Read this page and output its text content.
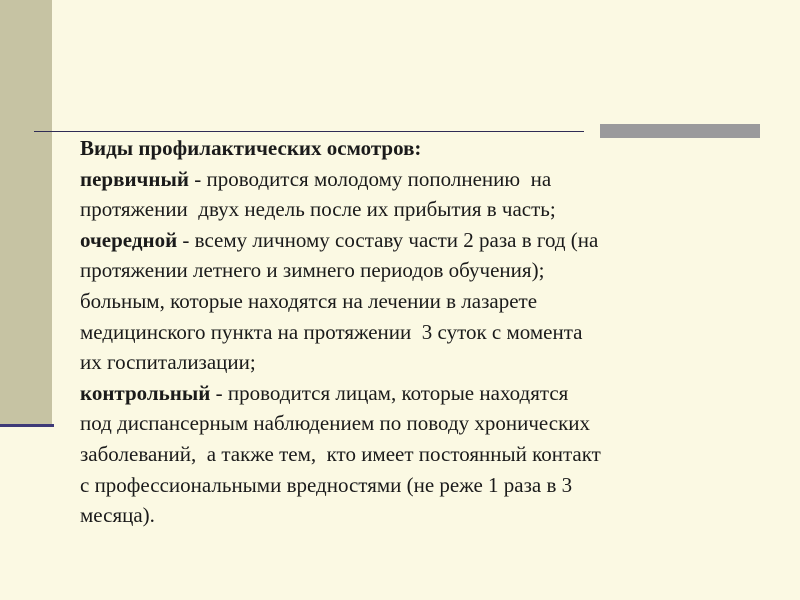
Виды профилактических осмотров:

первичный - проводится молодому пополнению  на

протяжении  двух недель после их прибытия в часть;

очередной - всему личному составу части 2 раза в год (на

протяжении летнего и зимнего периодов обучения);

больным, которые находятся на лечении в лазарете

медицинского пункта на протяжении  3 суток с момента

их госпитализации;

контрольный - проводится лицам, которые находятся

под диспансерным наблюдением по поводу хронических

заболеваний,  а также тем,  кто имеет постоянный контакт

с профессиональными вредностями (не реже 1 раза в 3

месяца).
